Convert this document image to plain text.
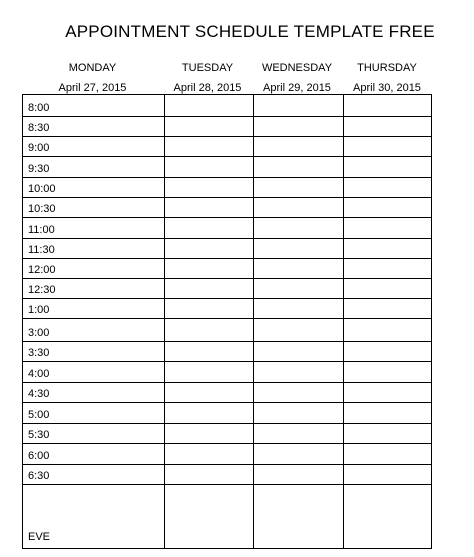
APPOINTMENT SCHEDULE TEMPLATE FREE
MONDAY
April 27, 2015
TUESDAY
April 28, 2015
WEDNESDAY
April 29, 2015
THURSDAY
April 30, 2015
8:00
8:30
9:00
9:30
10:00
10:30
11:00
11:30
12:00
12:30
1:00
3:00
3:30
4:00
4:30
5:00
5:30
6:00
6:30
EVE
